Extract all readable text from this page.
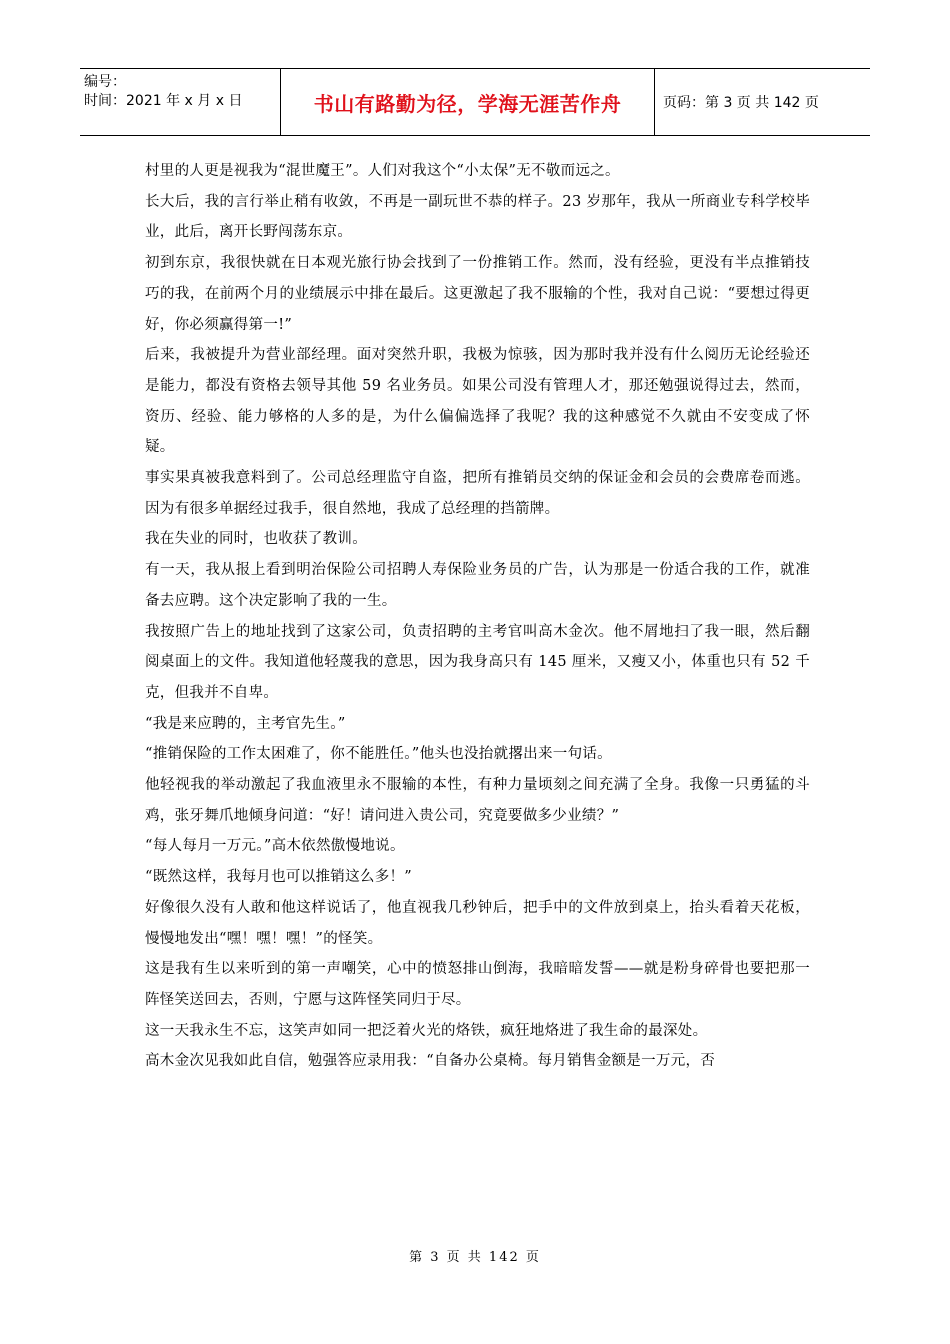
编号：
时间：2021 年 x 月 x 日	书山有路勤为径，学海无涯苦作舟	页码：第 3 页 共 142 页

村里的人更是视我为“混世魔王”。人们对我这个“小太保”无不敬而远之。

长大后，我的言行举止稍有收敛，不再是一副玩世不恭的样子。23 岁那年，我从一所商业专科学校毕业，此后，离开长野闯荡东京。

初到东京，我很快就在日本观光旅行协会找到了一份推销工作。然而，没有经验，更没有半点推销技巧的我，在前两个月的业绩展示中排在最后。这更激起了我不服输的个性，我对自己说：“要想过得更好，你必须赢得第一!”

后来，我被提升为营业部经理。面对突然升职，我极为惊骇，因为那时我并没有什么阅历无论经验还是能力，都没有资格去领导其他 59 名业务员。如果公司没有管理人才，那还勉强说得过去，然而，资历、经验、能力够格的人多的是，为什么偏偏选择了我呢？我的这种感觉不久就由不安变成了怀疑。

事实果真被我意料到了。公司总经理监守自盗，把所有推销员交纳的保证金和会员的会费席卷而逃。因为有很多单据经过我手，很自然地，我成了总经理的挡箭牌。

我在失业的同时，也收获了教训。

有一天，我从报上看到明治保险公司招聘人寿保险业务员的广告，认为那是一份适合我的工作，就准备去应聘。这个决定影响了我的一生。

我按照广告上的地址找到了这家公司，负责招聘的主考官叫高木金次。他不屑地扫了我一眼，然后翻阅桌面上的文件。我知道他轻蔑我的意思，因为我身高只有 145 厘米，又瘦又小，体重也只有 52 千克，但我并不自卑。

“我是来应聘的，主考官先生。”

“推销保险的工作太困难了，你不能胜任。”他头也没抬就撂出来一句话。

他轻视我的举动激起了我血液里永不服输的本性，有种力量顷刻之间充满了全身。我像一只勇猛的斗鸡，张牙舞爪地倾身问道：“好！请问进入贵公司，究竟要做多少业绩？”

“每人每月一万元。”高木依然傲慢地说。

“既然这样，我每月也可以推销这么多！”

好像很久没有人敢和他这样说话了，他直视我几秒钟后，把手中的文件放到桌上，抬头看着天花板，慢慢地发出“嘿！嘿！嘿！”的怪笑。

这是我有生以来听到的第一声嘲笑，心中的愤怒排山倒海，我暗暗发誓——就是粉身碎骨也要把那一阵怪笑送回去，否则，宁愿与这阵怪笑同归于尽。

这一天我永生不忘，这笑声如同一把泛着火光的烙铁，疯狂地烙进了我生命的最深处。

高木金次见我如此自信，勉强答应录用我：“自备办公桌椅。每月销售金额是一万元，否

第 3 页 共 142 页
